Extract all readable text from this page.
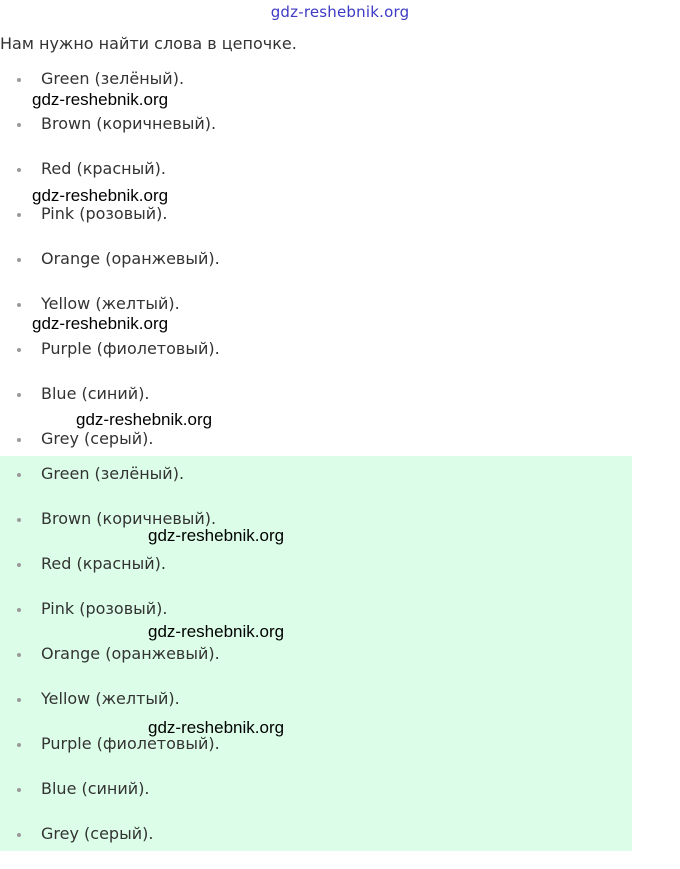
gdz-reshebnik.org
Нам нужно найти слова в цепочке.
Green (зелёный).
Brown (коричневый).
Red (красный).
Pink (розовый).
Orange (оранжевый).
Yellow (желтый).
Purple (фиолетовый).
Blue (синий).
Grey (серый).
Green (зелёный).
Brown (коричневый).
Red (красный).
Pink (розовый).
Orange (оранжевый).
Yellow (желтый).
Purple (фиолетовый).
Blue (синий).
Grey (серый).
gdz-reshebnik.org
gdz-reshebnik.org
gdz-reshebnik.org
gdz-reshebnik.org
gdz-reshebnik.org
gdz-reshebnik.org
gdz-reshebnik.org
